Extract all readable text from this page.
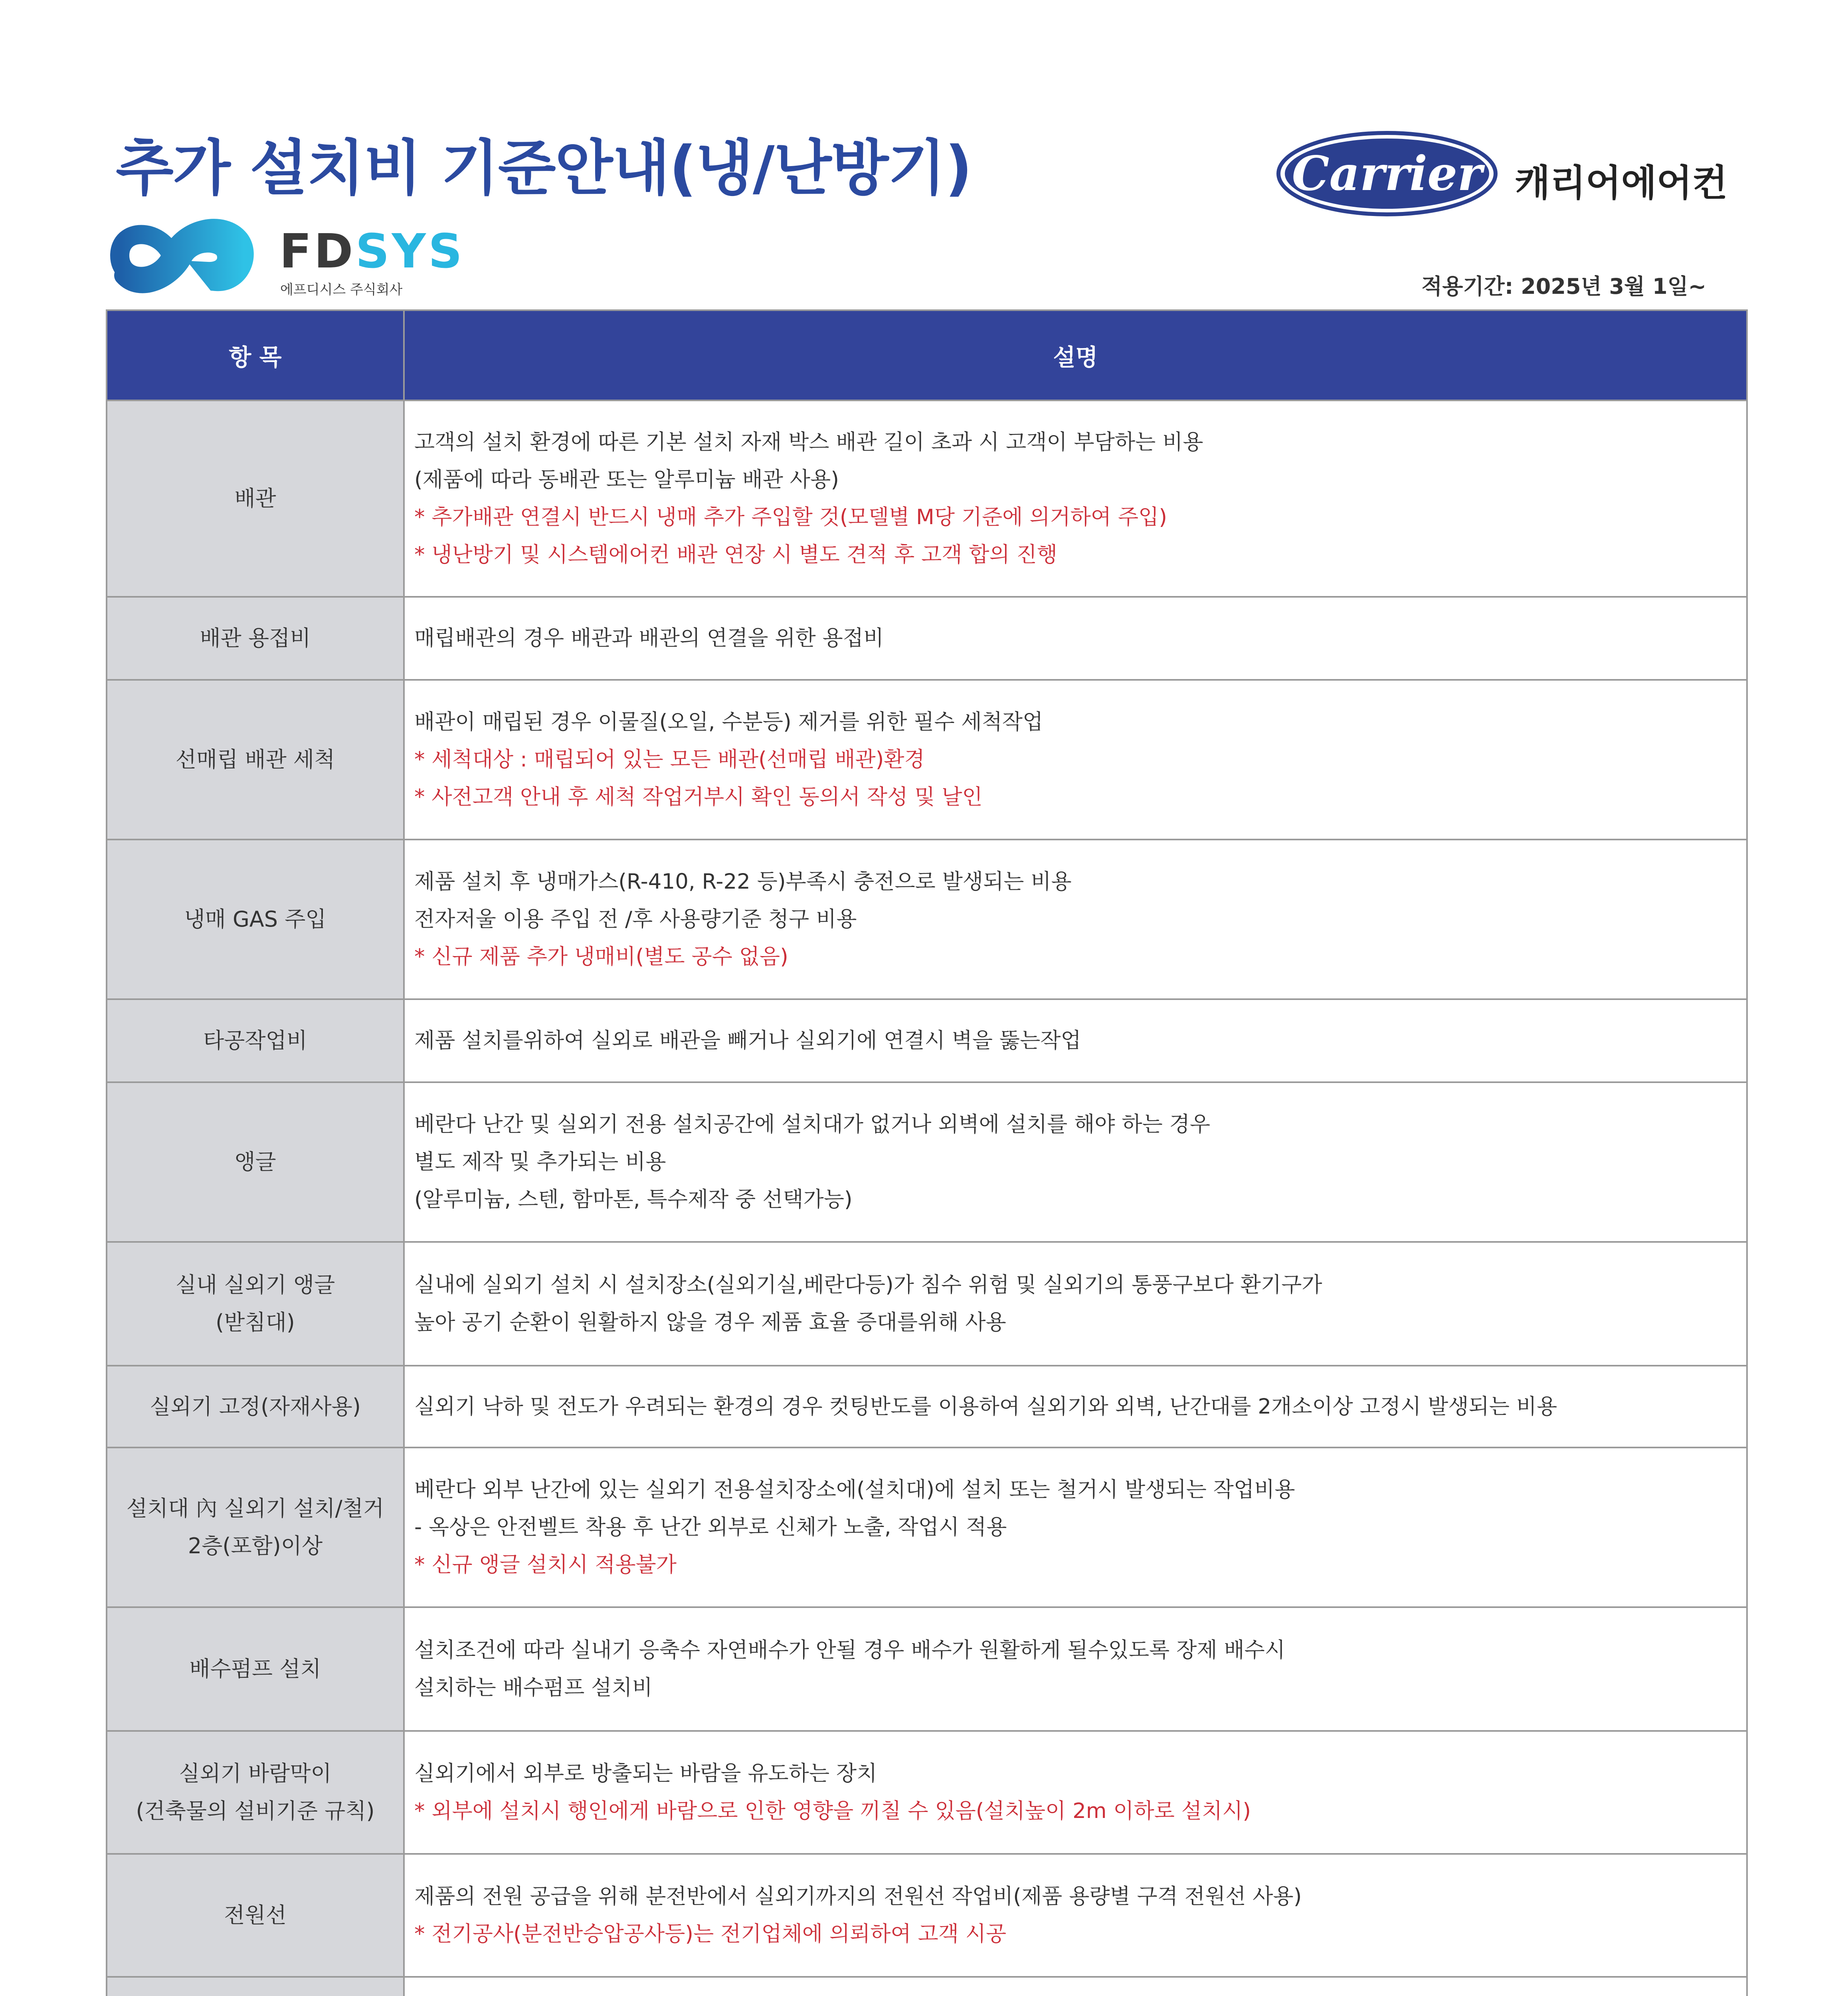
추가 설치비 기준안내(냉/난방기)
FDSYS
에프디시스 주식회사
Carrier 캐리어에어컨
적용기간: 2025년 3월 1일~
항 목	설명
배관	고객의 설치 환경에 따른 기본 설치 자재 박스 배관 길이 초과 시 고객이 부담하는 비용
(제품에 따라 동배관 또는 알루미늄 배관 사용)
* 추가배관 연결시 반드시 냉매 추가 주입할 것(모델별 M당 기준에 의거하여 주입)
* 냉난방기 및 시스템에어컨 배관 연장 시 별도 견적 후 고객 합의 진행

배관 용접비	매립배관의 경우 배관과 배관의 연결을 위한 용접비

선매립 배관 세척	배관이 매립된 경우 이물질(오일, 수분등) 제거를 위한 필수 세척작업
* 세척대상 : 매립되어 있는 모든 배관(선매립 배관)환경
* 사전고객 안내 후 세척 작업거부시 확인 동의서 작성 및 날인

냉매 GAS 주입	제품 설치 후 냉매가스(R-410, R-22 등)부족시 충전으로 발생되는 비용
전자저울 이용 주입 전 /후 사용량기준 청구 비용
* 신규 제품 추가 냉매비(별도 공수 없음)

타공작업비	제품 설치를위하여 실외로 배관을 빼거나 실외기에 연결시 벽을 뚫는작업

앵글	베란다 난간 및 실외기 전용 설치공간에 설치대가 없거나 외벽에 설치를 해야 하는 경우
별도 제작 및 추가되는 비용
(알루미늄, 스텐, 함마톤, 특수제작 중 선택가능)

실내 실외기 앵글
(받침대)	실내에 실외기 설치 시 설치장소(실외기실,베란다등)가 침수 위험 및 실외기의 통풍구보다 환기구가
높아 공기 순환이 원활하지 않을 경우 제품 효율 증대를위해 사용

실외기 고정(자재사용)	실외기 낙하 및 전도가 우려되는 환경의 경우 컷팅반도를 이용하여 실외기와 외벽, 난간대를 2개소이상 고정시 발생되는 비용

설치대 內 실외기 설치/철거
2층(포함)이상	베란다 외부 난간에 있는 실외기 전용설치장소에(설치대)에 설치 또는 철거시 발생되는 작업비용
- 옥상은 안전벨트 착용 후 난간 외부로 신체가 노출, 작업시 적용
* 신규 앵글 설치시 적용불가

배수펌프 설치	설치조건에 따라 실내기 응축수 자연배수가 안될 경우 배수가 원활하게 될수있도록 장제 배수시
설치하는 배수펌프 설치비

실외기 바람막이
(건축물의 설비기준 규칙)	실외기에서 외부로 방출되는 바람을 유도하는 장치
* 외부에 설치시 행인에게 바람으로 인한 영향을 끼칠 수 있음(설치높이 2m 이하로 설치시)

전원선	제품의 전원 공급을 위해 분전반에서 실외기까지의 전원선 작업비(제품 용량별 구격 전원선 사용)
* 전기공사(분전반승압공사등)는 전기업체에 의뢰하여 고객 시공
